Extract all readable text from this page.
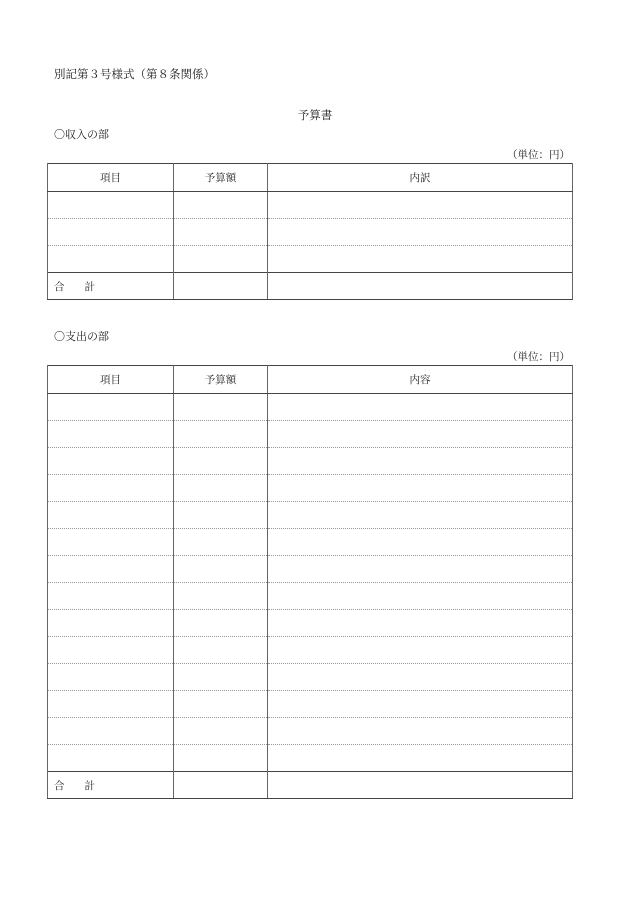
別記第３号様式（第８条関係）
予算書
〇収入の部
（単位：円）
項目	予算額	内訳

合計		
〇支出の部
（単位：円）
項目	予算額	内容

合計		
